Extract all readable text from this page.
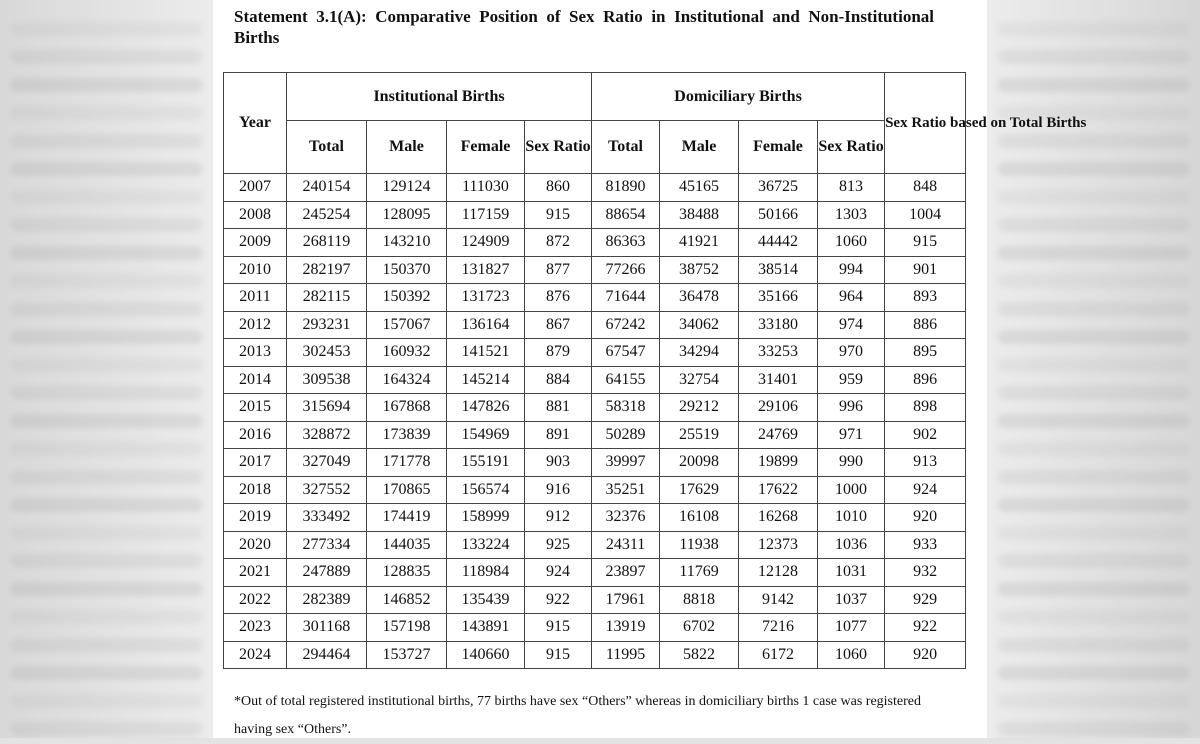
Statement 3.1(A): Comparative Position of Sex Ratio in Institutional and Non-Institutional Births
Year	Institutional Births				Domiciliary Births				Sex Ratio based on Total Births
	Total	Male	Female	Sex Ratio	Total	Male	Female	Sex Ratio	
2007	240154	129124	111030	860	81890	45165	36725	813	848
2008	245254	128095	117159	915	88654	38488	50166	1303	1004
2009	268119	143210	124909	872	86363	41921	44442	1060	915
2010	282197	150370	131827	877	77266	38752	38514	994	901
2011	282115	150392	131723	876	71644	36478	35166	964	893
2012	293231	157067	136164	867	67242	34062	33180	974	886
2013	302453	160932	141521	879	67547	34294	33253	970	895
2014	309538	164324	145214	884	64155	32754	31401	959	896
2015	315694	167868	147826	881	58318	29212	29106	996	898
2016	328872	173839	154969	891	50289	25519	24769	971	902
2017	327049	171778	155191	903	39997	20098	19899	990	913
2018	327552	170865	156574	916	35251	17629	17622	1000	924
2019	333492	174419	158999	912	32376	16108	16268	1010	920
2020	277334	144035	133224	925	24311	11938	12373	1036	933
2021	247889	128835	118984	924	23897	11769	12128	1031	932
2022	282389	146852	135439	922	17961	8818	9142	1037	929
2023	301168	157198	143891	915	13919	6702	7216	1077	922
2024	294464	153727	140660	915	11995	5822	6172	1060	920
*Out of total registered institutional births, 77 births have sex “Others” whereas in domiciliary births 1 case was registered having sex “Others”.
